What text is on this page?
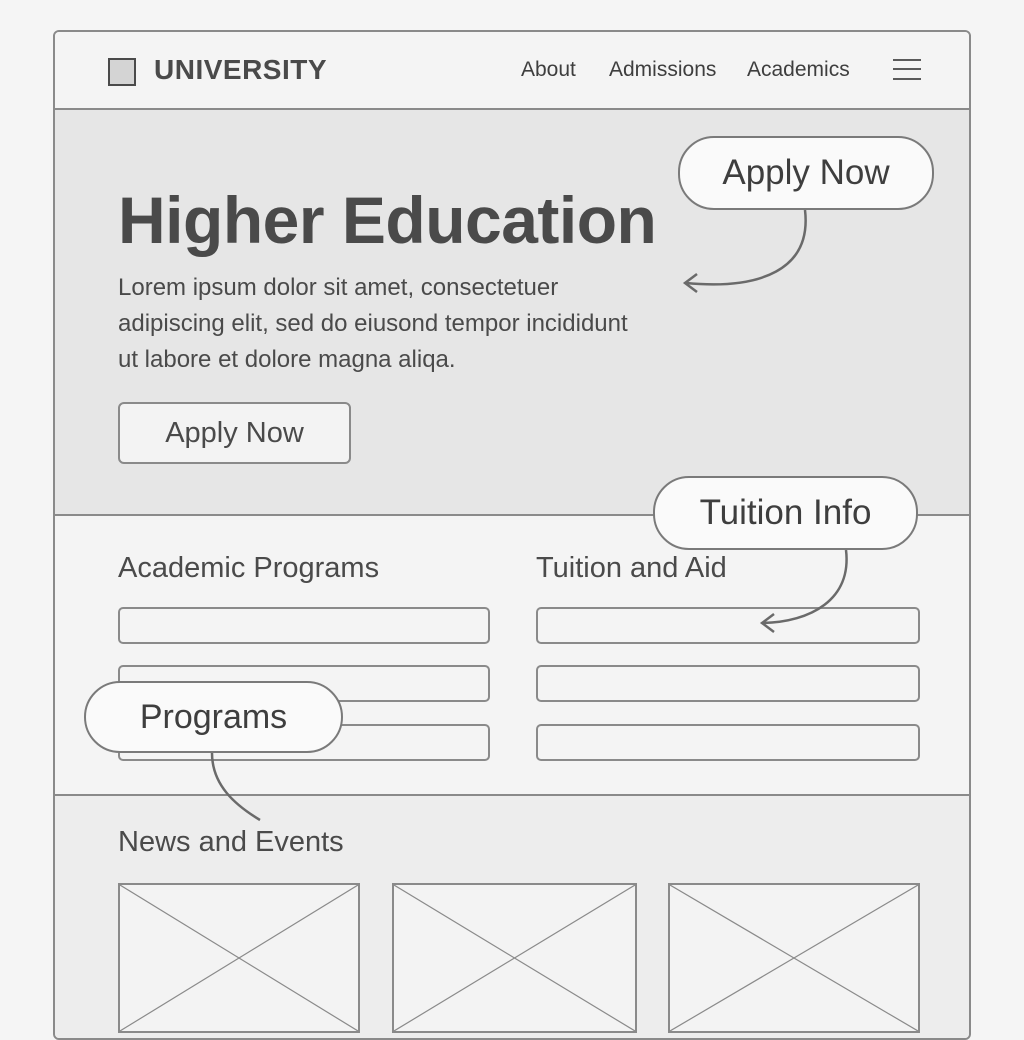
UNIVERSITY	About Admissions Academics
Higher Education
Lorem ipsum dolor sit amet, consectetuer adipiscing elit, sed do eiusond tempor incididunt ut labore et dolore magna aliqa.
Apply Now
Academic Programs	Tuition and Aid
News and Events
Apply Now
Tuition Info
Programs
